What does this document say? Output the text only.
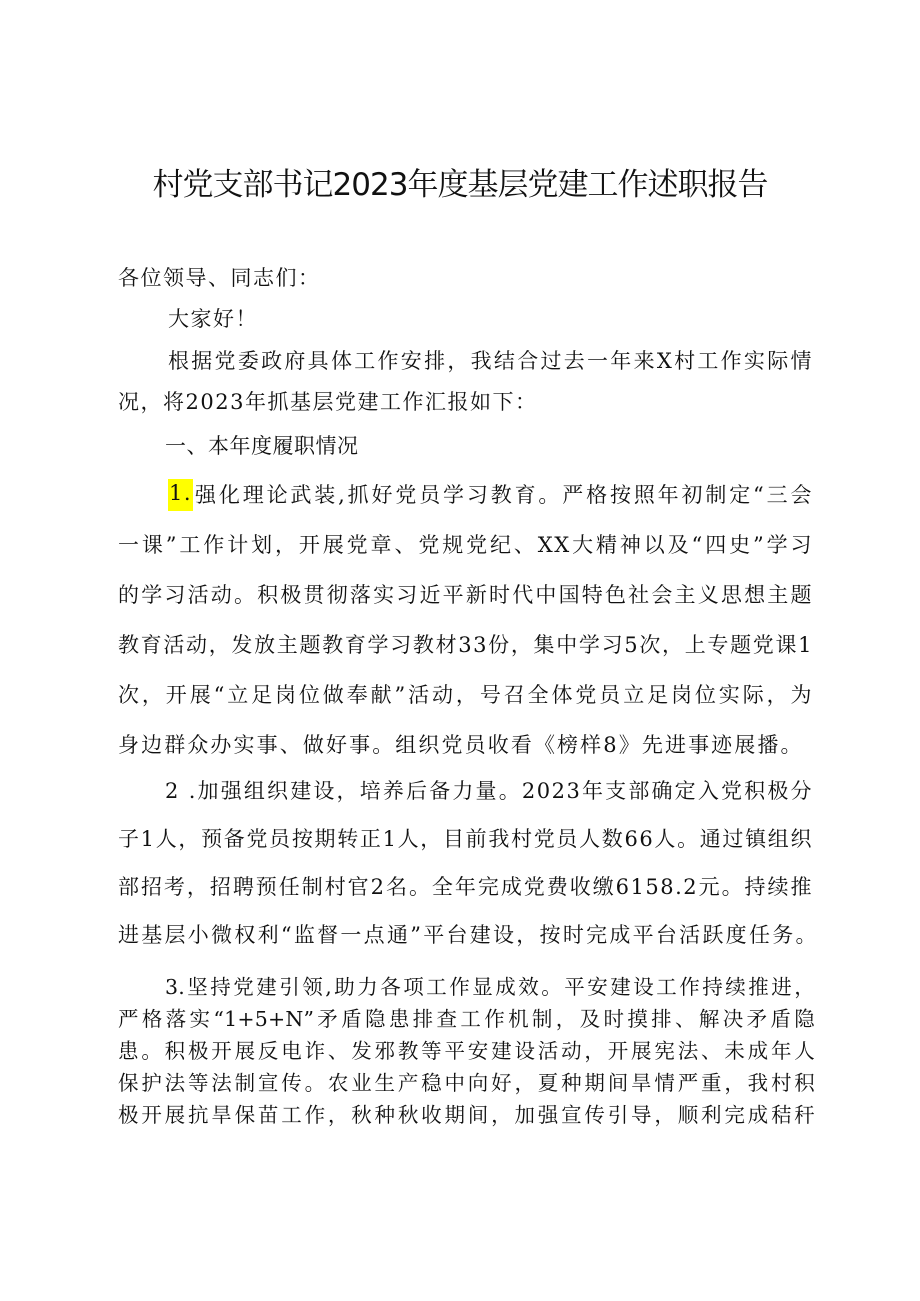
村党支部书记2023年度基层党建工作述职报告
各位领导、同志们：
大家好！
根据党委政府具体工作安排，我结合过去一年来X村工作实际情
况，将2023年抓基层党建工作汇报如下：
一、本年度履职情况
1. 强化理论武装,抓好党员学习教育。严格按照年初制定“三会
一课”工作计划，开展党章、党规党纪、XX大精神以及“四史”学习
的学习活动。积极贯彻落实习近平新时代中国特色社会主义思想主题
教育活动，发放主题教育学习教材33份，集中学习5次，上专题党课1
次，开展“立足岗位做奉献”活动，号召全体党员立足岗位实际，为
身边群众办实事、做好事。组织党员收看《榜样8》先进事迹展播。
2 .加强组织建设，培养后备力量。2023年支部确定入党积极分
子1人，预备党员按期转正1人，目前我村党员人数66人。通过镇组织
部招考，招聘预任制村官2名。全年完成党费收缴6158.2元。持续推
进基层小微权利“监督一点通”平台建设，按时完成平台活跃度任务。
3.坚持党建引领,助力各项工作显成效。平安建设工作持续推进，
严格落实“1+5+N”矛盾隐患排查工作机制，及时摸排、解决矛盾隐
患。积极开展反电诈、发邪教等平安建设活动，开展宪法、未成年人
保护法等法制宣传。农业生产稳中向好，夏种期间旱情严重，我村积
极开展抗旱保苗工作，秋种秋收期间，加强宣传引导，顺利完成秸秆
